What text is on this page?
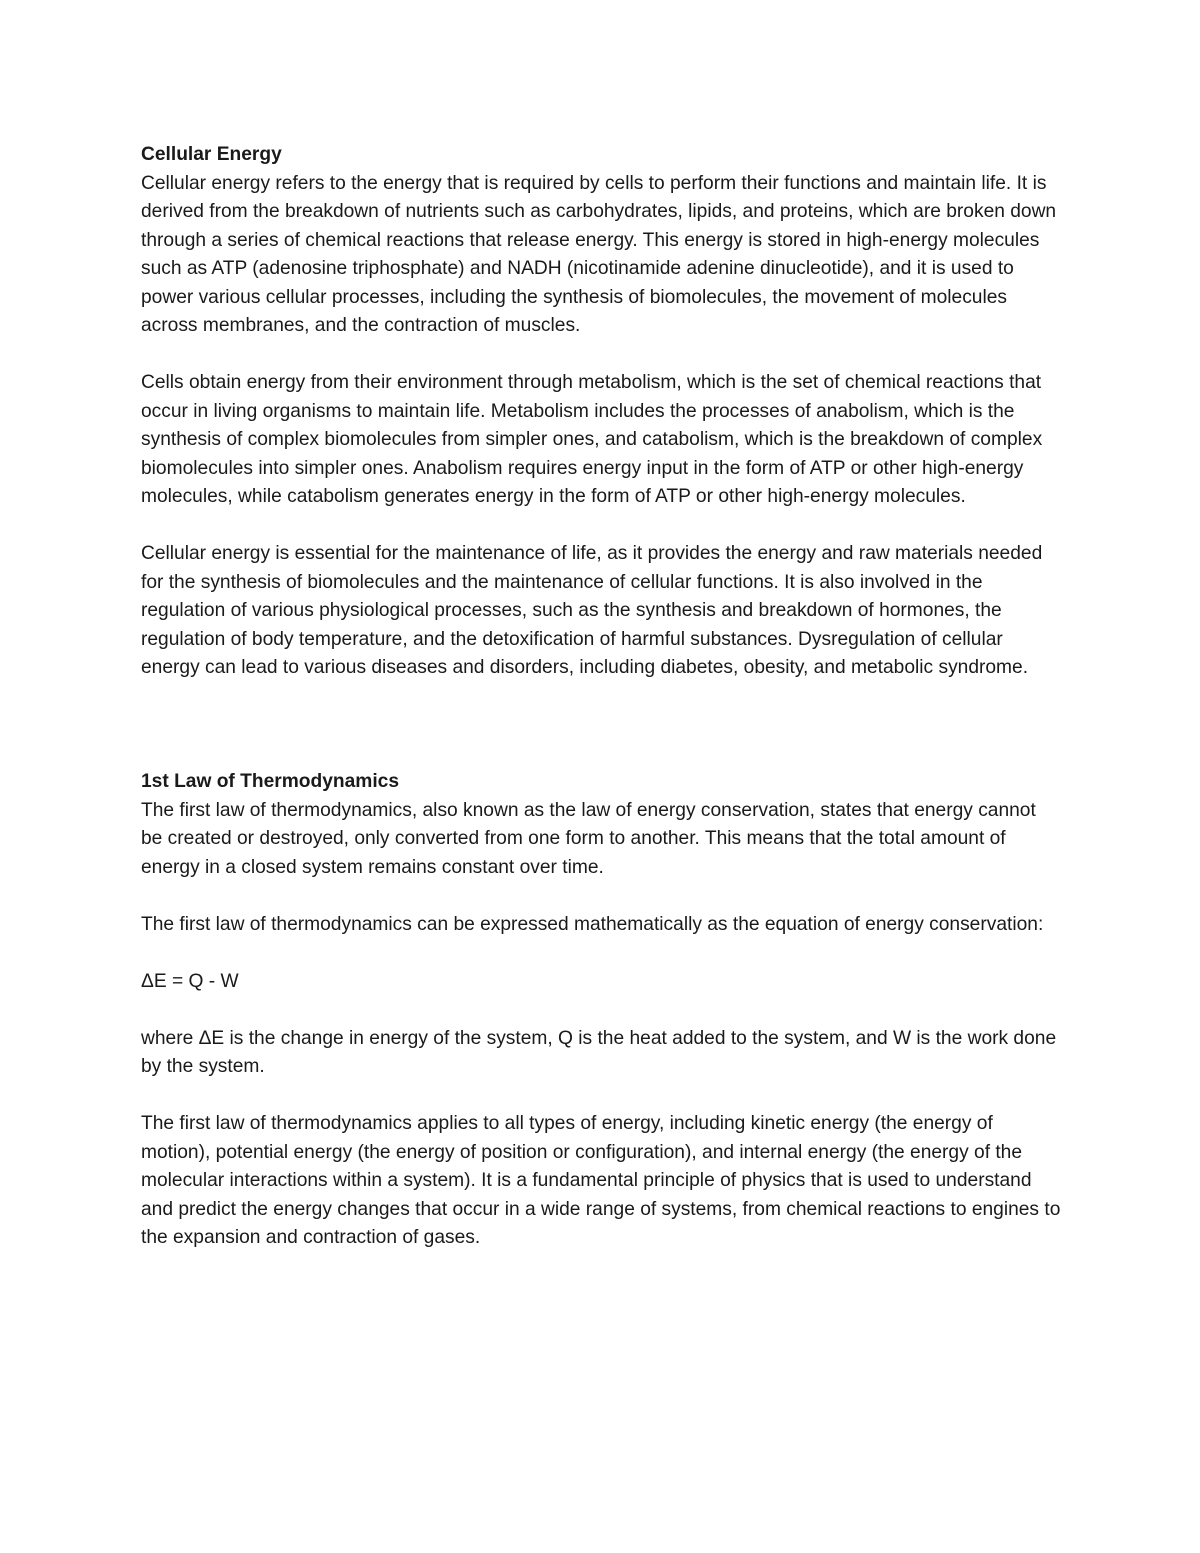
Cellular Energy

Cellular energy refers to the energy that is required by cells to perform their functions and maintain life. It is derived from the breakdown of nutrients such as carbohydrates, lipids, and proteins, which are broken down through a series of chemical reactions that release energy. This energy is stored in high-energy molecules such as ATP (adenosine triphosphate) and NADH (nicotinamide adenine dinucleotide), and it is used to power various cellular processes, including the synthesis of biomolecules, the movement of molecules across membranes, and the contraction of muscles.

Cells obtain energy from their environment through metabolism, which is the set of chemical reactions that occur in living organisms to maintain life. Metabolism includes the processes of anabolism, which is the synthesis of complex biomolecules from simpler ones, and catabolism, which is the breakdown of complex biomolecules into simpler ones. Anabolism requires energy input in the form of ATP or other high-energy molecules, while catabolism generates energy in the form of ATP or other high-energy molecules.

Cellular energy is essential for the maintenance of life, as it provides the energy and raw materials needed for the synthesis of biomolecules and the maintenance of cellular functions. It is also involved in the regulation of various physiological processes, such as the synthesis and breakdown of hormones, the regulation of body temperature, and the detoxification of harmful substances. Dysregulation of cellular energy can lead to various diseases and disorders, including diabetes, obesity, and metabolic syndrome.

1st Law of Thermodynamics

The first law of thermodynamics, also known as the law of energy conservation, states that energy cannot be created or destroyed, only converted from one form to another. This means that the total amount of energy in a closed system remains constant over time.

The first law of thermodynamics can be expressed mathematically as the equation of energy conservation:

ΔE = Q - W

where ΔE is the change in energy of the system, Q is the heat added to the system, and W is the work done by the system.

The first law of thermodynamics applies to all types of energy, including kinetic energy (the energy of motion), potential energy (the energy of position or configuration), and internal energy (the energy of the molecular interactions within a system). It is a fundamental principle of physics that is used to understand and predict the energy changes that occur in a wide range of systems, from chemical reactions to engines to the expansion and contraction of gases.
